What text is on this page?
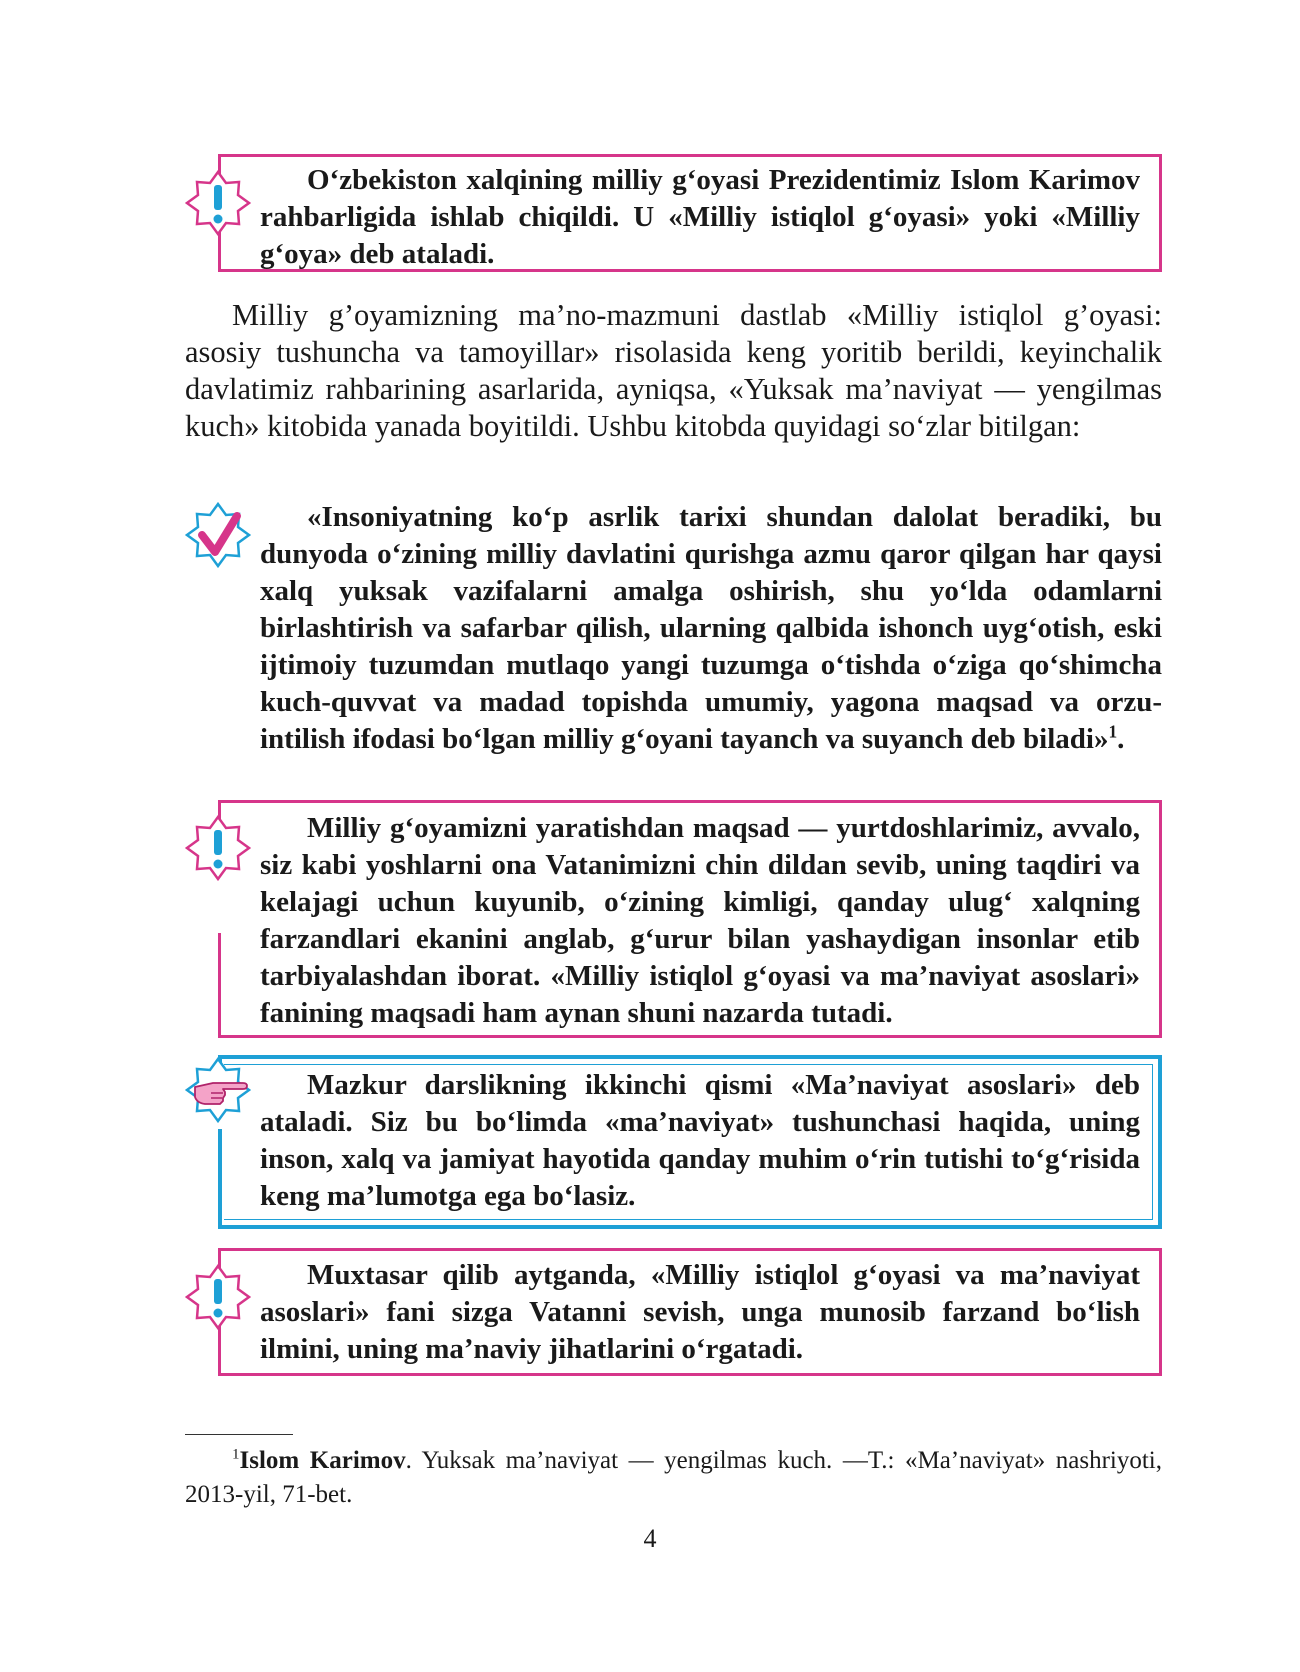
O‘zbekiston xalqining milliy g‘oyasi Prezidentimiz Islom Karimov rahbarligida ishlab chiqildi. U «Milliy istiqlol g‘oyasi» yoki «Milliy g‘oya» deb ataladi.

Milliy g’oyamizning ma’no-mazmuni dastlab «Milliy istiqlol g’oyasi: asosiy tushuncha va tamoyillar» risolasida keng yoritib berildi, keyinchalik davlatimiz rahbarining asarlarida, ayniqsa, «Yuksak ma’naviyat — yengilmas kuch» kitobida yanada boyitildi. Ushbu kitobda quyidagi so‘zlar bitilgan:

«Insoniyatning ko‘p asrlik tarixi shundan dalolat beradiki, bu dunyoda o‘zining milliy davlatini qurishga azmu qaror qilgan har qaysi xalq yuksak vazifalarni amalga oshirish, shu yo‘lda odamlarni birlashtirish va safarbar qilish, ularning qalbida ishonch uyg‘otish, eski ijtimoiy tuzumdan mutlaqo yangi tuzumga o‘tishda o‘ziga qo‘shimcha kuch-quvvat va madad topishda umumiy, yagona maqsad va orzu-intilish ifodasi bo‘lgan milliy g‘oyani tayanch va suyanch deb biladi»$^1$.

Milliy g‘oyamizni yaratishdan maqsad — yurtdoshlarimiz, avvalo, siz kabi yoshlarni ona Vatanimizni chin dildan sevib, uning taqdiri va kelajagi uchun kuyunib, o‘zining kimligi, qanday ulug‘ xalqning farzandlari ekanini anglab, g‘urur bilan yashaydigan insonlar etib tarbiyalashdan iborat. «Milliy istiqlol g‘oyasi va ma’naviyat asoslari» fanining maqsadi ham aynan shuni nazarda tutadi.

Mazkur darslikning ikkinchi qismi «Ma’naviyat asoslari» deb ataladi. Siz bu bo‘limda «ma’naviyat» tushunchasi haqida, uning inson, xalq va jamiyat hayotida qanday muhim o‘rin tutishi to‘g‘risida keng ma’lumotga ega bo‘lasiz.

Muxtasar qilib aytganda, «Milliy istiqlol g‘oyasi va ma’naviyat asoslari» fani sizga Vatanni sevish, unga munosib farzand bo‘lish ilmini, uning ma’naviy jihatlarini o‘rgatadi.

$^1$Islom Karimov. Yuksak ma’naviyat — yengilmas kuch. —T.: «Ma’naviyat» nashriyoti, 2013-yil, 71-bet.

4
